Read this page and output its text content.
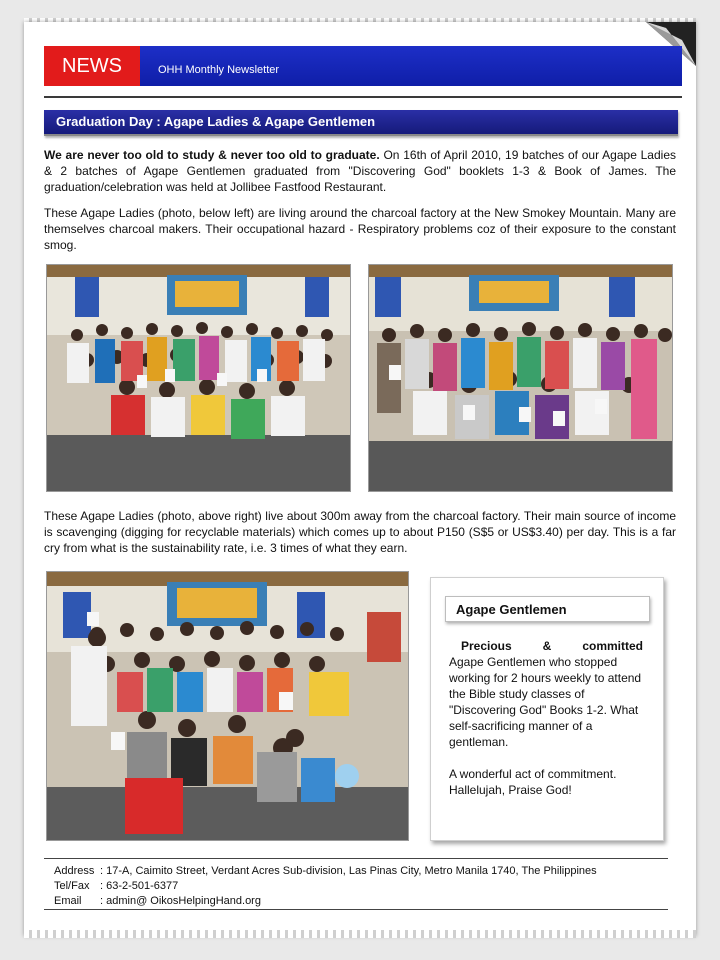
NEWS	OHH Monthly Newsletter
Graduation Day : Agape Ladies & Agape Gentlemen
We are never too old to study & never too old to graduate. On 16th of April 2010, 19 batches of our Agape Ladies & 2 batches of Agape Gentlemen graduated from "Discovering God" booklets 1-3 & Book of James. The graduation/celebration was held at Jollibee Fastfood Restaurant.
These Agape Ladies (photo, below left) are living around the charcoal factory at the New Smokey Mountain. Many are themselves charcoal makers. Their occupational hazard - Respiratory problems coz of their exposure to the constant smog.
These Agape Ladies (photo, above right) live about 300m away from the charcoal factory. Their main source of income is scavenging (digging for recyclable materials) which comes up to about P150 (S$5 or US$3.40) per day. This is a far cry from what is the sustainability rate, i.e. 3 times of what they earn.
Agape Gentlemen
Precious	&	committed
Agape Gentlemen who stopped working for 2 hours weekly to attend the Bible study classes of "Discovering God" Books 1-2. What self-sacrificing manner of a gentleman.
A wonderful act of commitment. Hallelujah, Praise God!
Address : 17-A, Caimito Street, Verdant Acres Sub-division, Las Pinas City, Metro Manila 1740, The Philippines
Tel/Fax : 63-2-501-6377
Email : admin@ OikosHelpingHand.org
